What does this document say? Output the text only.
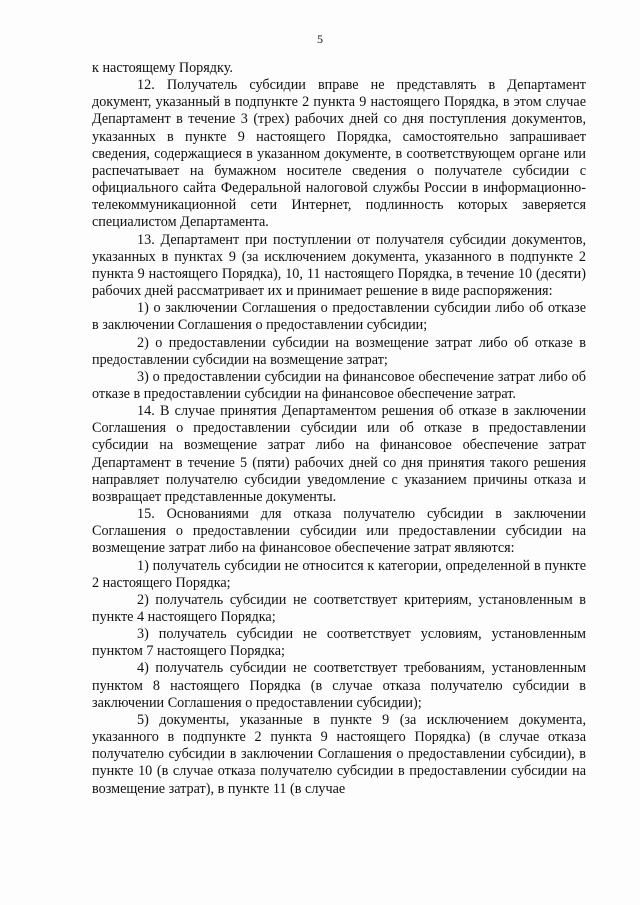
5

к настоящему Порядку.

12. Получатель субсидии вправе не представлять в Департамент документ, указанный в подпункте 2 пункта 9 настоящего Порядка, в этом случае Департамент в течение 3 (трех) рабочих дней со дня поступления документов, указанных в пункте 9 настоящего Порядка, самостоятельно запрашивает сведения, содержащиеся в указанном документе, в соответствующем органе или распечатывает на бумажном носителе сведения о получателе субсидии с официального сайта Федеральной налоговой службы России в информационно-телекоммуникационной сети Интернет, подлинность которых заверяется специалистом Департамента.

13. Департамент при поступлении от получателя субсидии документов, указанных в пунктах 9 (за исключением документа, указанного в подпункте 2 пункта 9 настоящего Порядка), 10, 11 настоящего Порядка, в течение 10 (десяти) рабочих дней рассматривает их и принимает решение в виде распоряжения:

1) о заключении Соглашения о предоставлении субсидии либо об отказе в заключении Соглашения о предоставлении субсидии;

2) о предоставлении субсидии на возмещение затрат либо об отказе в предоставлении субсидии на возмещение затрат;

3) о предоставлении субсидии на финансовое обеспечение затрат либо об отказе в предоставлении субсидии на финансовое обеспечение затрат.

14. В случае принятия Департаментом решения об отказе в заключении Соглашения о предоставлении субсидии или об отказе в предоставлении субсидии на возмещение затрат либо на финансовое обеспечение затрат Департамент в течение 5 (пяти) рабочих дней со дня принятия такого решения направляет получателю субсидии уведомление с указанием причины отказа и возвращает представленные документы.

15. Основаниями для отказа получателю субсидии в заключении Соглашения о предоставлении субсидии или предоставлении субсидии на возмещение затрат либо на финансовое обеспечение затрат являются:

1) получатель субсидии не относится к категории, определенной в пункте 2 настоящего Порядка;

2) получатель субсидии не соответствует критериям, установленным в пункте 4 настоящего Порядка;

3) получатель субсидии не соответствует условиям, установленным пунктом 7 настоящего Порядка;

4) получатель субсидии не соответствует требованиям, установленным пунктом 8 настоящего Порядка (в случае отказа получателю субсидии в заключении Соглашения о предоставлении субсидии);

5) документы, указанные в пункте 9 (за исключением документа, указанного в подпункте 2 пункта 9 настоящего Порядка) (в случае отказа получателю субсидии в заключении Соглашения о предоставлении субсидии), в пункте 10 (в случае отказа получателю субсидии в предоставлении субсидии на возмещение затрат), в пункте 11 (в случае
